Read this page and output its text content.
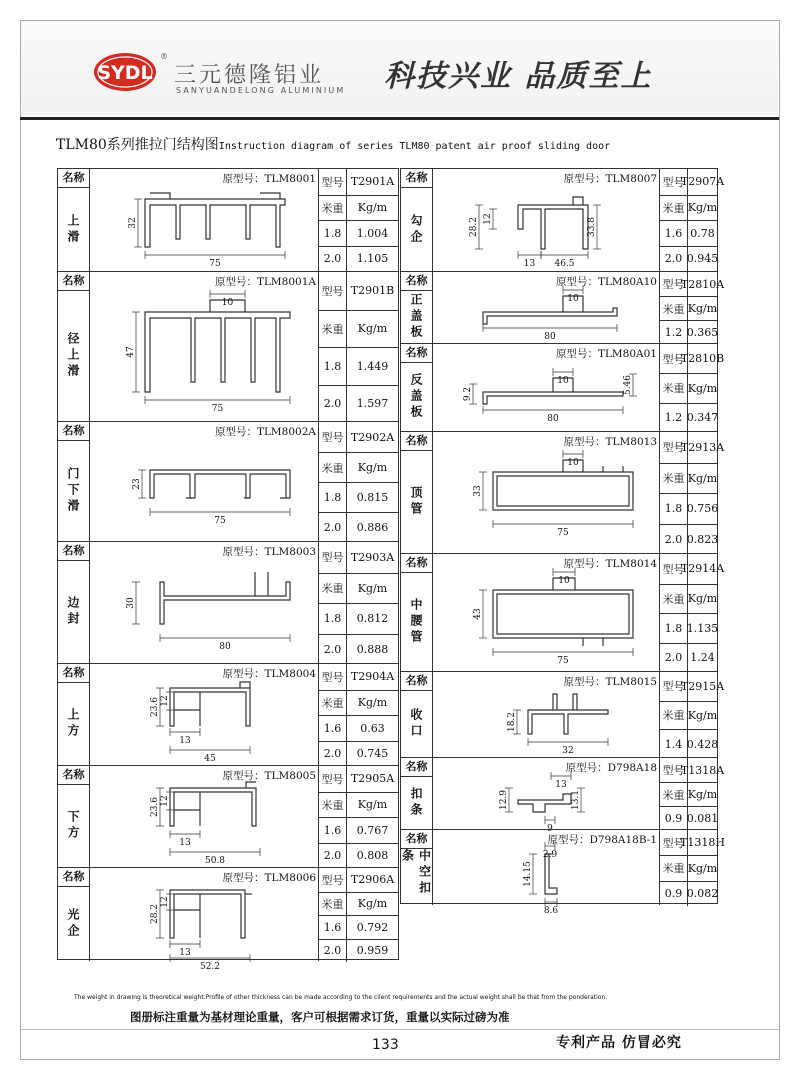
SYDL
®
三元德隆铝业
SANYUANDELONG ALUMINIUM 科技兴业 品质至上
TLM80系列推拉门结构图Instruction diagram of series TLM80 patent air proof sliding door
名称
上滑
原型号：TLM8001
32
75
型号 T2901A
米重	Kg/m
1.8	1.004
2.0	1.105
名称
径上滑
原型号：TLM8001A
10
47
75
型号 T2901B
米重	Kg/m
1.8	1.449
2.0	1.597
名称
门下滑
原型号：TLM8002A
23
75
型号 T2902A
米重	Kg/m
1.8	0.815
2.0	0.886
名称
边封
原型号：TLM8003
30
80
型号 T2903A
米重	Kg/m
1.8	0.812
2.0	0.888
名称
上方
原型号：TLM8004
23.6 12
13
45
型号 T2904A
米重	Kg/m
1.6	0.63
2.0	0.745
名称
下方
原型号：TLM8005
23.6 12
13
50.8
型号 T2905A
米重	Kg/m
1.6	0.767
2.0	0.808
名称
光企
原型号：TLM8006
28.2
12
13
52.2
型号 T2906A
米重	Kg/m
1.6	0.792
2.0	0.959
名称
勾企
原型号：TLM8007
28.2 12	33.8
13 46.5
型号
T2907A
米重 Kg/m
1.6 0.78
2.0 0.945
名称
正盖板
原型号：TLM80A10
10
80
型号
T2810A
米重 Kg/m
1.2 0.365
名称
反盖板
原型号：TLM80A01
9.2
10	5.46
80
型号
T2810B
米重 Kg/m
1.2 0.347
名称
顶管
原型号：TLM8013
10
33
75
型号
T2913A
米重 Kg/m
1.8 0.756
2.0 0.823
名称
中腰管
原型号：TLM8014
10
43
75
型号
T2914A
米重 Kg/m
1.8 1.135
2.0 1.24
名称
收口
原型号：TLM8015
18.2
32
型号
T2915A
米重 Kg/m
1.4 0.428
名称
扣条
原型号：D798A18
13
12.9	13.1
9
型号
T1318A
米重 Kg/m
0.9 0.081
名称
中空扣条
原型号：D798A18B-1
2.9
14.15
8.6
型号
T1318H
米重 Kg/m
0.9 0.082
The weight in drawing is theoretical weight.Profile of other thickness can be made according to the cilent requirements and the actual weight shall be that from the ponderation.
图册标注重量为基材理论重量，客户可根据需求订货，重量以实际过磅为准
133	专利产品 仿冒必究
